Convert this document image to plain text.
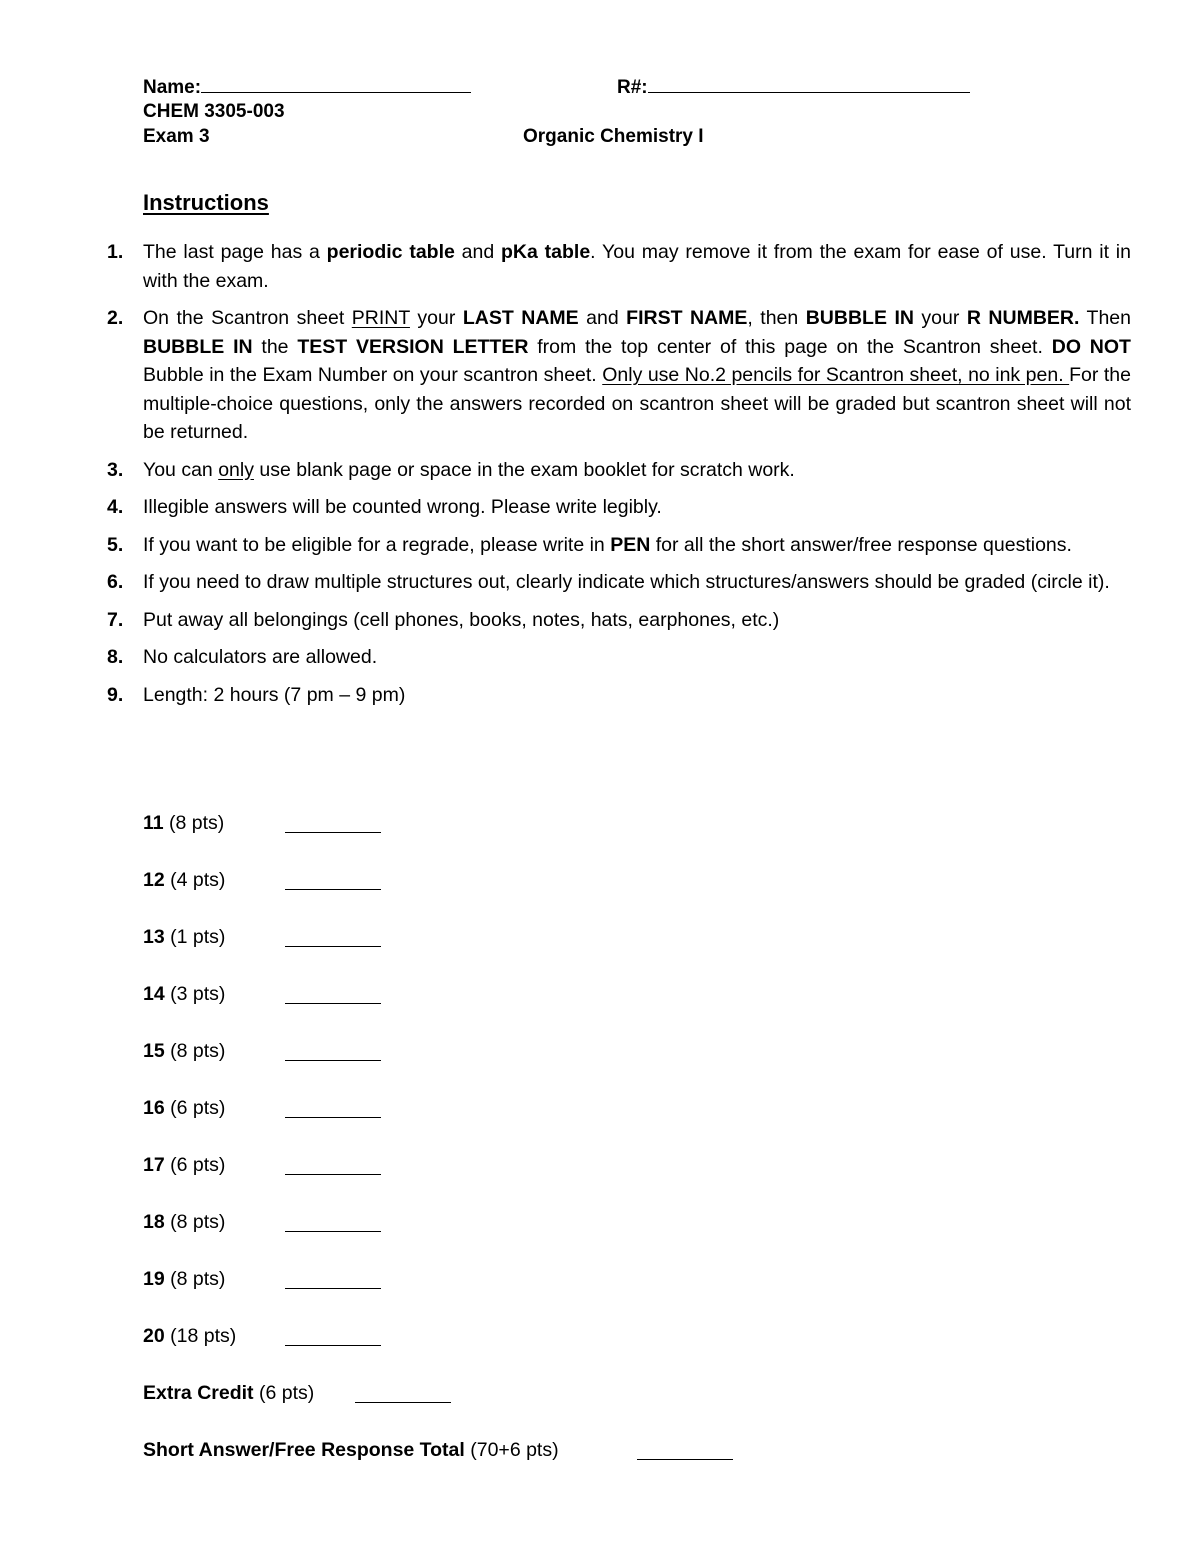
Name:	R#:
CHEM 3305-003
Exam 3	Organic Chemistry I
Instructions
1. The last page has a periodic table and pKa table. You may remove it from the exam for ease of use. Turn it in with the exam.
2. On the Scantron sheet PRINT your LAST NAME and FIRST NAME, then BUBBLE IN your R NUMBER. Then BUBBLE IN the TEST VERSION LETTER from the top center of this page on the Scantron sheet. DO NOT Bubble in the Exam Number on your scantron sheet. Only use No.2 pencils for Scantron sheet, no ink pen. For the multiple-choice questions, only the answers recorded on scantron sheet will be graded but scantron sheet will not be returned.
3. You can only use blank page or space in the exam booklet for scratch work.
4. Illegible answers will be counted wrong. Please write legibly.
5. If you want to be eligible for a regrade, please write in PEN for all the short answer/free response questions.
6. If you need to draw multiple structures out, clearly indicate which structures/answers should be graded (circle it).
7. Put away all belongings (cell phones, books, notes, hats, earphones, etc.)
8. No calculators are allowed.
9. Length: 2 hours (7 pm – 9 pm)
11 (8 pts)
12 (4 pts)
13 (1 pts)
14 (3 pts)
15 (8 pts)
16 (6 pts)
17 (6 pts)
18 (8 pts)
19 (8 pts)
20 (18 pts)
Extra Credit (6 pts)
Short Answer/Free Response Total (70+6 pts)
